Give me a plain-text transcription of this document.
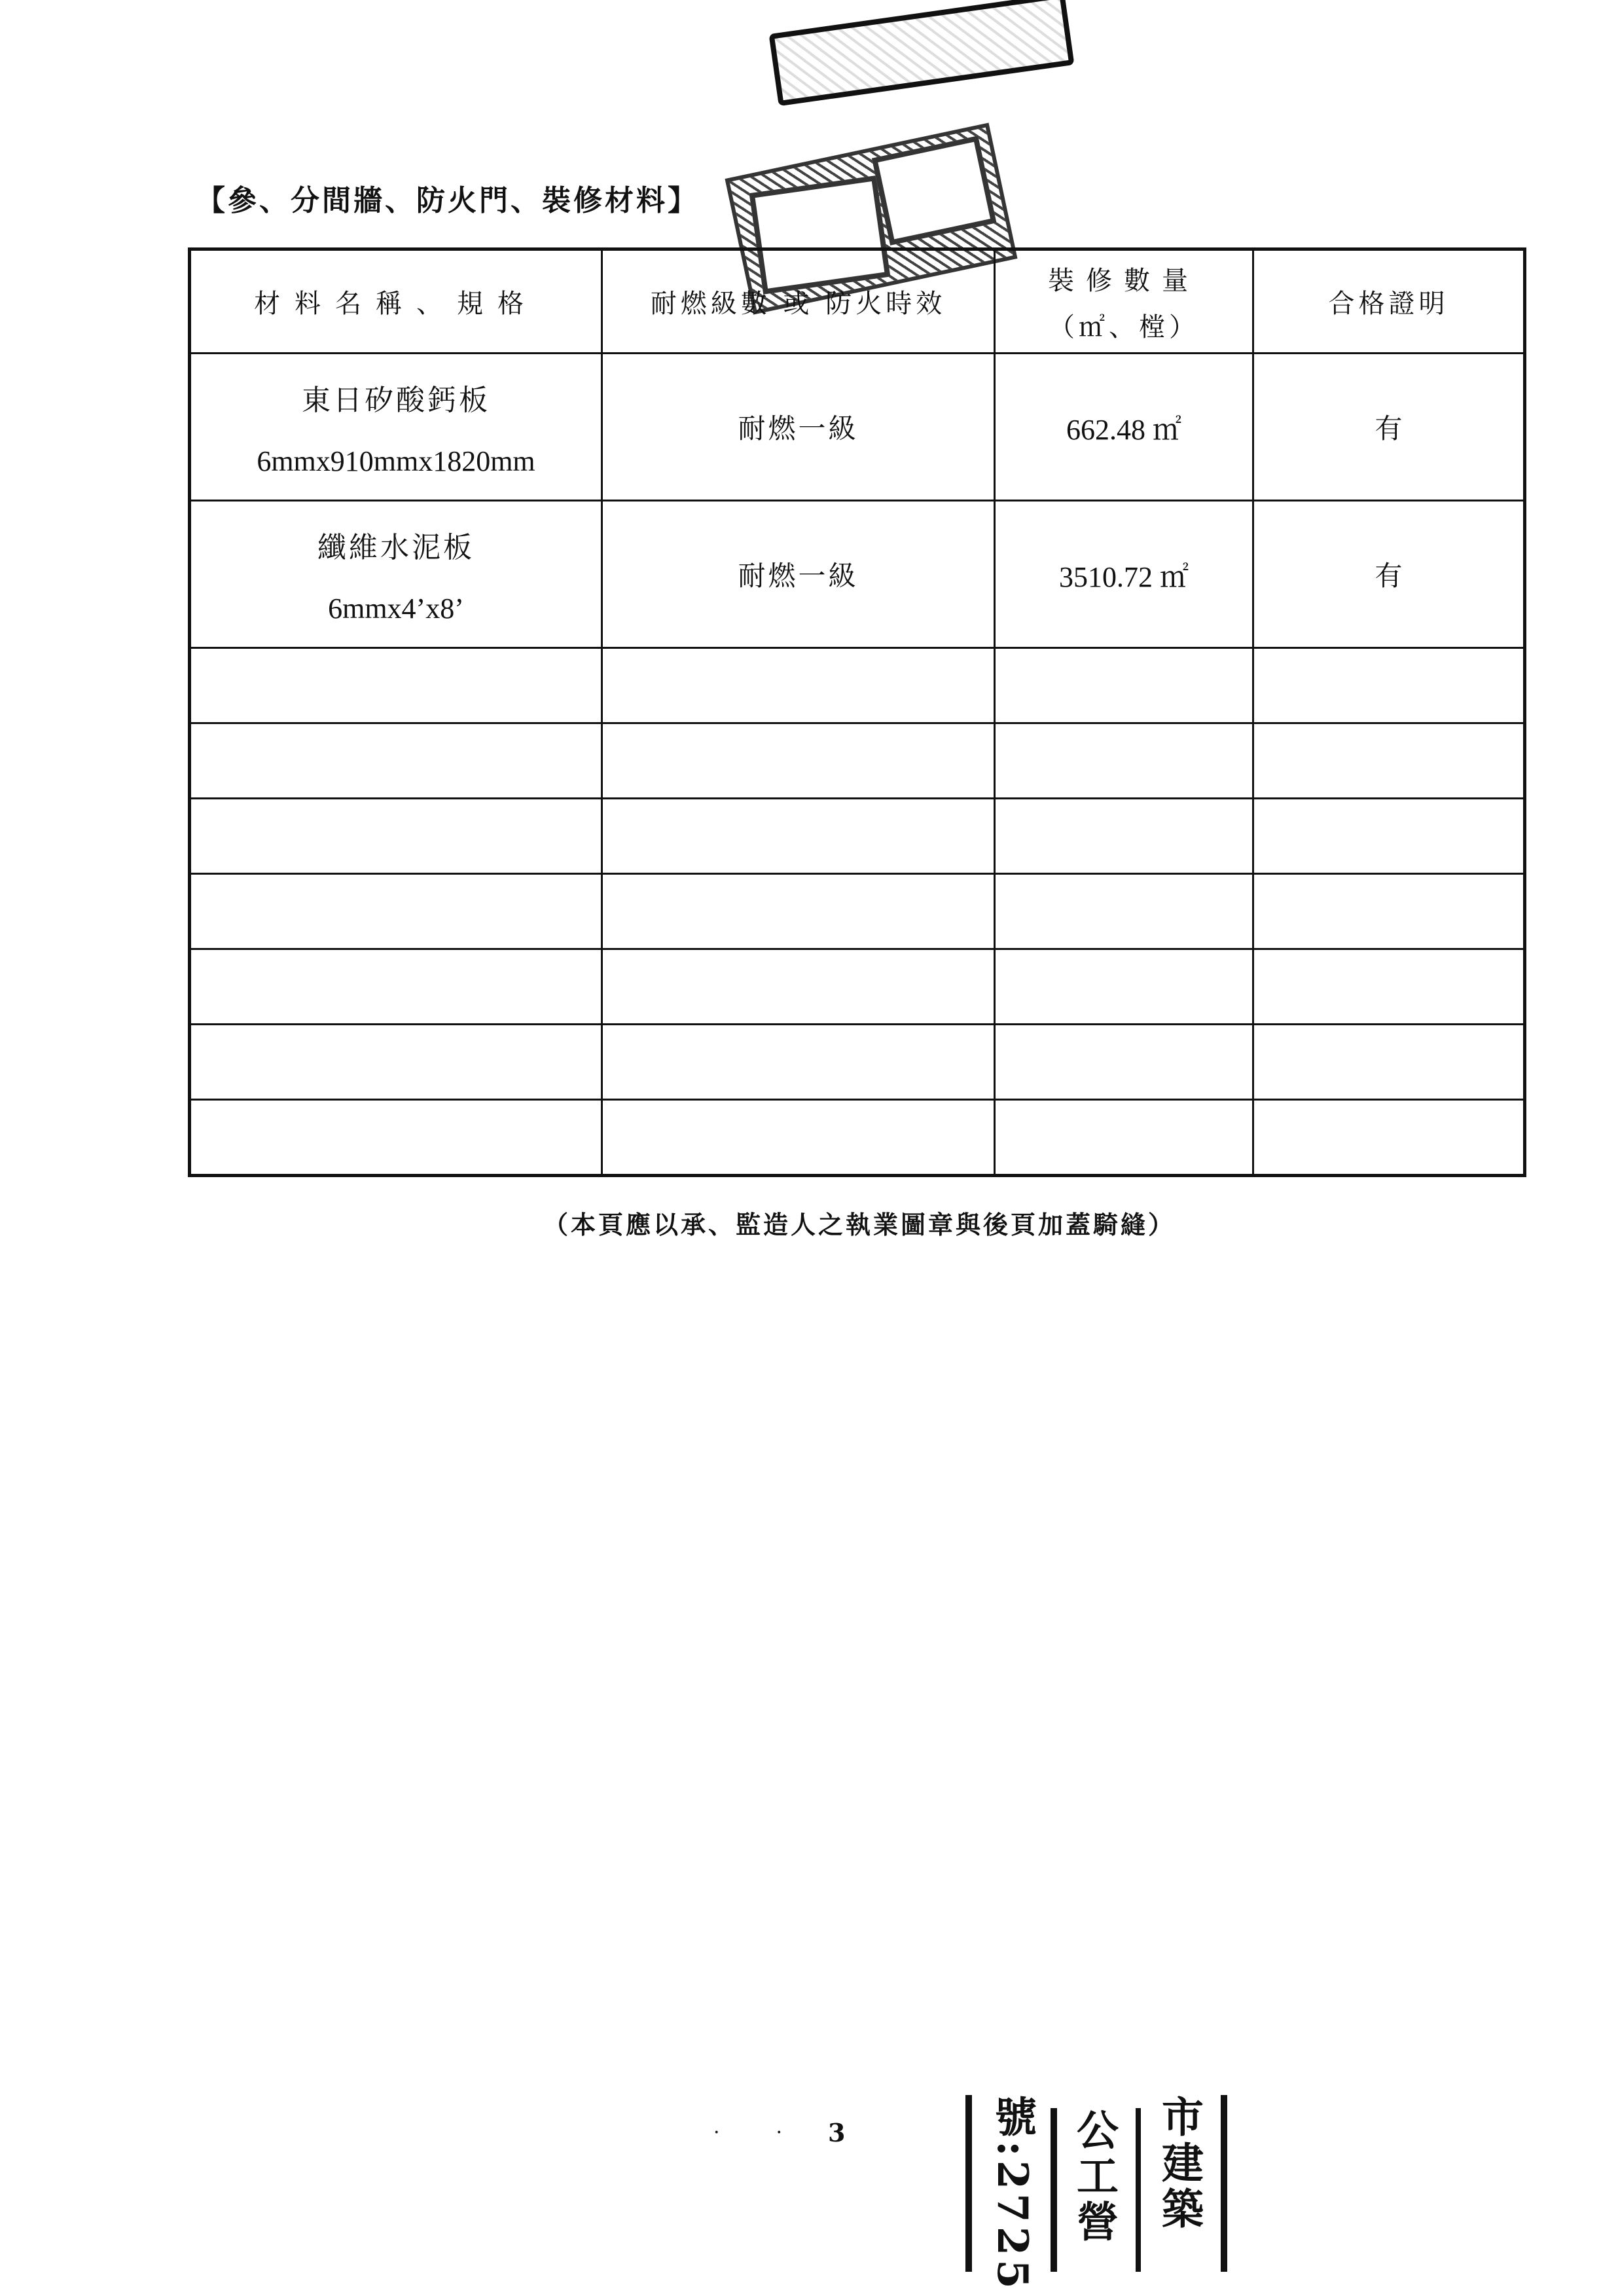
【參、分間牆、防火門、裝修材料】
材料名稱、規格	耐燃級數 或 防火時效	裝修數量
（㎡、樘）	合格證明

東日矽酸鈣板
6mmx910mmx1820mm	耐燃一級	662.48 ㎡	有

纖維水泥板
6mmx4’x8’	耐燃一級	3510.72 ㎡	有

（本頁應以承、監造人之執業圖章與後頁加蓋騎縫）
· · 3	號:2725 公工營 市建築
